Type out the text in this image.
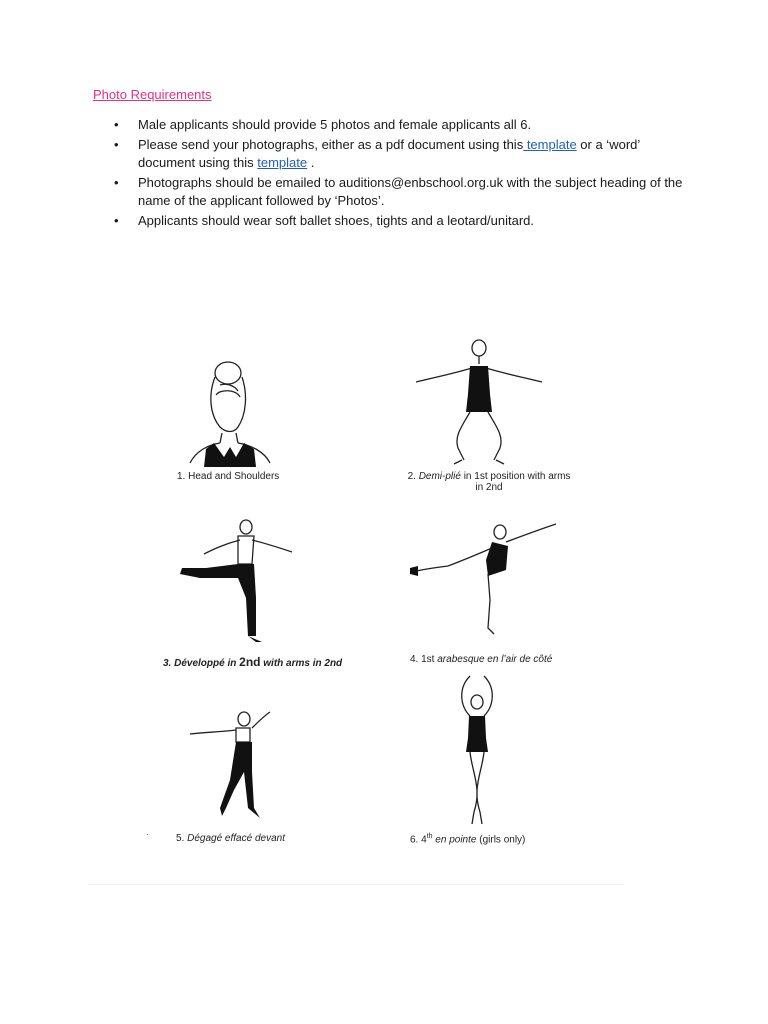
Photo Requirements
• Male applicants should provide 5 photos and female applicants all 6.
• Please send your photographs, either as a pdf document using this template or a ‘word’ document using this template .
• Photographs should be emailed to auditions@enbschool.org.uk with the subject heading of the name of the applicant followed by ‘Photos’.
• Applicants should wear soft ballet shoes, tights and a leotard/unitard.
1. Head and Shoulders	2. Demi-plié in 1st position with arms in 2nd
3. Développé in 2nd with arms in 2nd	4. 1st arabesque en l’air de côté
5. Dégagé effacé devant	6. 4th en pointe (girls only)
·
